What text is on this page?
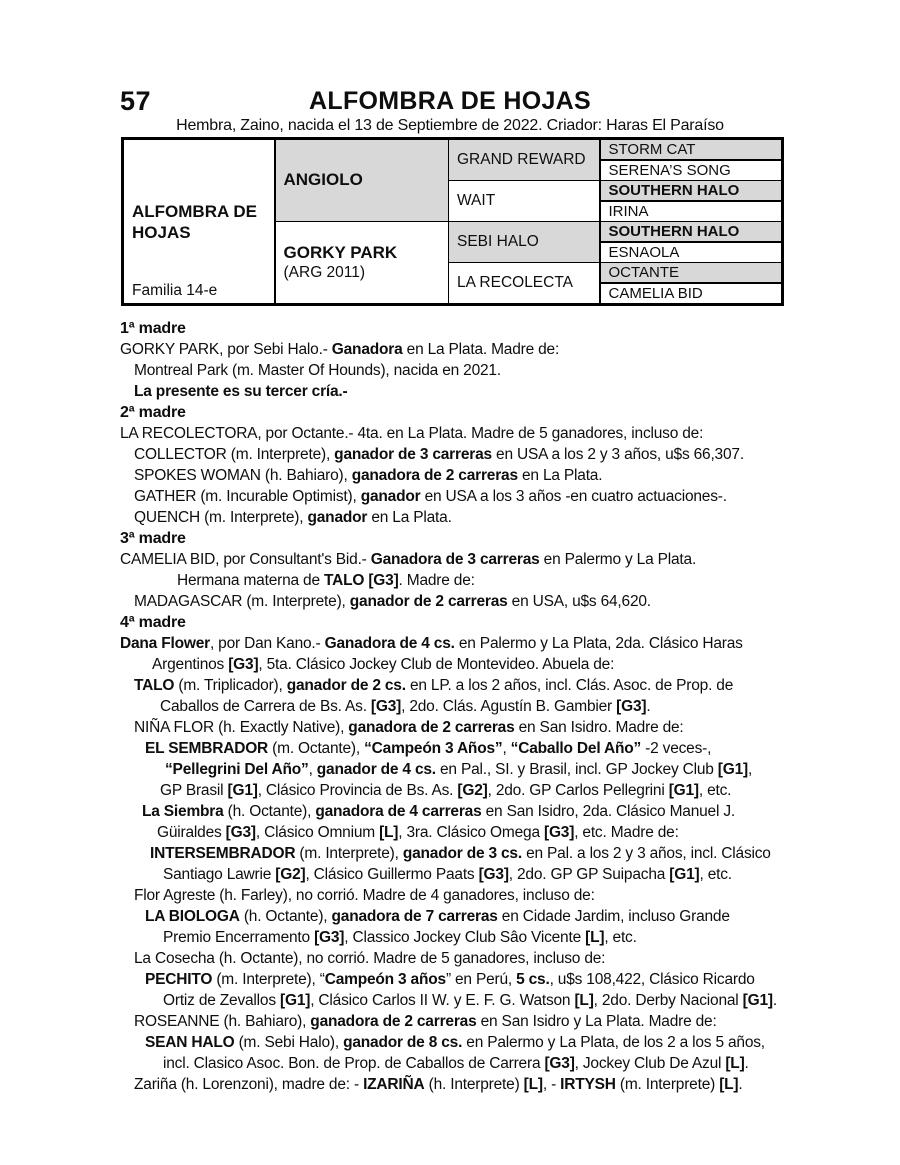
57	ALFOMBRA DE HOJAS
Hembra, Zaino, nacida el 13 de Septiembre de 2022. Criador: Haras El Paraíso
ALFOMBRA DE HOJAS
Familia 14-e
ANGIOLO
GORKY PARK
(ARG 2011)
GRAND REWARD
WAIT
SEBI HALO
LA RECOLECTA
STORM CAT
SERENA’S SONG
SOUTHERN HALO
IRINA
SOUTHERN HALO
ESNAOLA
OCTANTE
CAMELIA BID
1ª madre
GORKY PARK, por Sebi Halo.- Ganadora en La Plata. Madre de:
Montreal Park (m. Master Of Hounds), nacida en 2021.
La presente es su tercer cría.-
2ª madre
LA RECOLECTORA, por Octante.- 4ta. en La Plata. Madre de 5 ganadores, incluso de:
COLLECTOR (m. Interprete), ganador de 3 carreras en USA a los 2 y 3 años, u$s 66,307.
SPOKES WOMAN (h. Bahiaro), ganadora de 2 carreras en La Plata.
GATHER (m. Incurable Optimist), ganador en USA a los 3 años -en cuatro actuaciones-.
QUENCH (m. Interprete), ganador en La Plata.
3ª madre
CAMELIA BID, por Consultant's Bid.- Ganadora de 3 carreras en Palermo y La Plata.
Hermana materna de TALO [G3]. Madre de:
MADAGASCAR (m. Interprete), ganador de 2 carreras en USA, u$s 64,620.
4ª madre
Dana Flower, por Dan Kano.- Ganadora de 4 cs. en Palermo y La Plata, 2da. Clásico Haras
Argentinos [G3], 5ta. Clásico Jockey Club de Montevideo. Abuela de:
TALO (m. Triplicador), ganador de 2 cs. en LP. a los 2 años, incl. Clás. Asoc. de Prop. de
Caballos de Carrera de Bs. As. [G3], 2do. Clás. Agustín B. Gambier [G3].
NIÑA FLOR (h. Exactly Native), ganadora de 2 carreras en San Isidro. Madre de:
EL SEMBRADOR (m. Octante), “Campeón 3 Años”, “Caballo Del Año” -2 veces-,
“Pellegrini Del Año”, ganador de 4 cs. en Pal., SI. y Brasil, incl. GP Jockey Club [G1],
GP Brasil [G1], Clásico Provincia de Bs. As. [G2], 2do. GP Carlos Pellegrini [G1], etc.
La Siembra (h. Octante), ganadora de 4 carreras en San Isidro, 2da. Clásico Manuel J.
Güiraldes [G3], Clásico Omnium [L], 3ra. Clásico Omega [G3], etc. Madre de:
INTERSEMBRADOR (m. Interprete), ganador de 3 cs. en Pal. a los 2 y 3 años, incl. Clásico
Santiago Lawrie [G2], Clásico Guillermo Paats [G3], 2do. GP GP Suipacha [G1], etc.
Flor Agreste (h. Farley), no corrió. Madre de 4 ganadores, incluso de:
LA BIOLOGA (h. Octante), ganadora de 7 carreras en Cidade Jardim, incluso Grande
Premio Encerramento [G3], Classico Jockey Club Sâo Vicente [L], etc.
La Cosecha (h. Octante), no corrió. Madre de 5 ganadores, incluso de:
PECHITO (m. Interprete), “Campeón 3 años” en Perú, 5 cs., u$s 108,422, Clásico Ricardo
Ortiz de Zevallos [G1], Clásico Carlos II W. y E. F. G. Watson [L], 2do. Derby Nacional [G1].
ROSEANNE (h. Bahiaro), ganadora de 2 carreras en San Isidro y La Plata. Madre de:
SEAN HALO (m. Sebi Halo), ganador de 8 cs. en Palermo y La Plata, de los 2 a los 5 años,
incl. Clasico Asoc. Bon. de Prop. de Caballos de Carrera [G3], Jockey Club De Azul [L].
Zariña (h. Lorenzoni), madre de: - IZARIÑA (h. Interprete) [L], - IRTYSH (m. Interprete) [L].
